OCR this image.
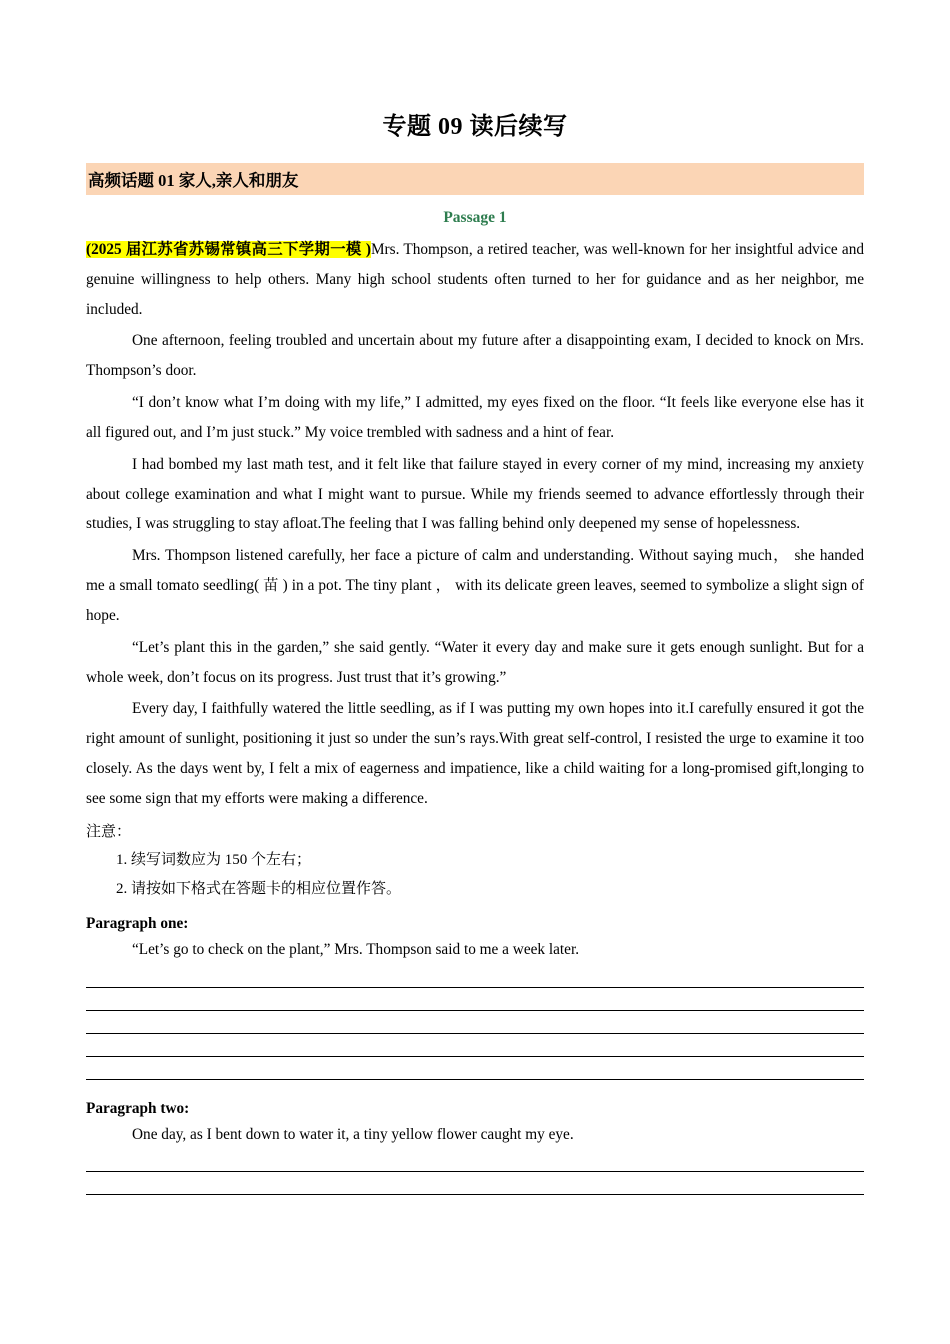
专题 09 读后续写
高频话题 01 家人,亲人和朋友
Passage 1

(2025 届江苏省苏锡常镇高三下学期一模 )Mrs. Thompson, a retired teacher, was well-known for her insightful advice and genuine willingness to help others. Many high school students often turned to her for guidance and as her neighbor, me included.

One afternoon, feeling troubled and uncertain about my future after a disappointing exam, I decided to knock on Mrs. Thompson’s door.

“I don’t know what I’m doing with my life,” I admitted, my eyes fixed on the floor. “It feels like everyone else has it all figured out, and I’m just stuck.” My voice trembled with sadness and a hint of fear.

I had bombed my last math test, and it felt like that failure stayed in every corner of my mind, increasing my anxiety about college examination and what I might want to pursue. While my friends seemed to advance effortlessly through their studies, I was struggling to stay afloat.The feeling that I was falling behind only deepened my sense of hopelessness.

Mrs. Thompson listened carefully, her face a picture of calm and understanding. Without saying much， she handed me a small tomato seedling( 苗 ) in a pot. The tiny plant ， with its delicate green leaves, seemed to symbolize a slight sign of hope.

“Let’s plant this in the garden,” she said gently. “Water it every day and make sure it gets enough sunlight. But for a whole week, don’t focus on its progress. Just trust that it’s growing.”

Every day, I faithfully watered the little seedling, as if I was putting my own hopes into it.I carefully ensured it got the right amount of sunlight, positioning it just so under the sun’s rays.With great self-control, I resisted the urge to examine it too closely. As the days went by, I felt a mix of eagerness and impatience, like a child waiting for a long-promised gift,longing to see some sign that my efforts were making a difference.

注意：
1. 续写词数应为 150 个左右；
2. 请按如下格式在答题卡的相应位置作答。
Paragraph one:
“Let’s go to check on the plant,” Mrs. Thompson said to me a week later.
Paragraph two:
One day, as I bent down to water it, a tiny yellow flower caught my eye.
